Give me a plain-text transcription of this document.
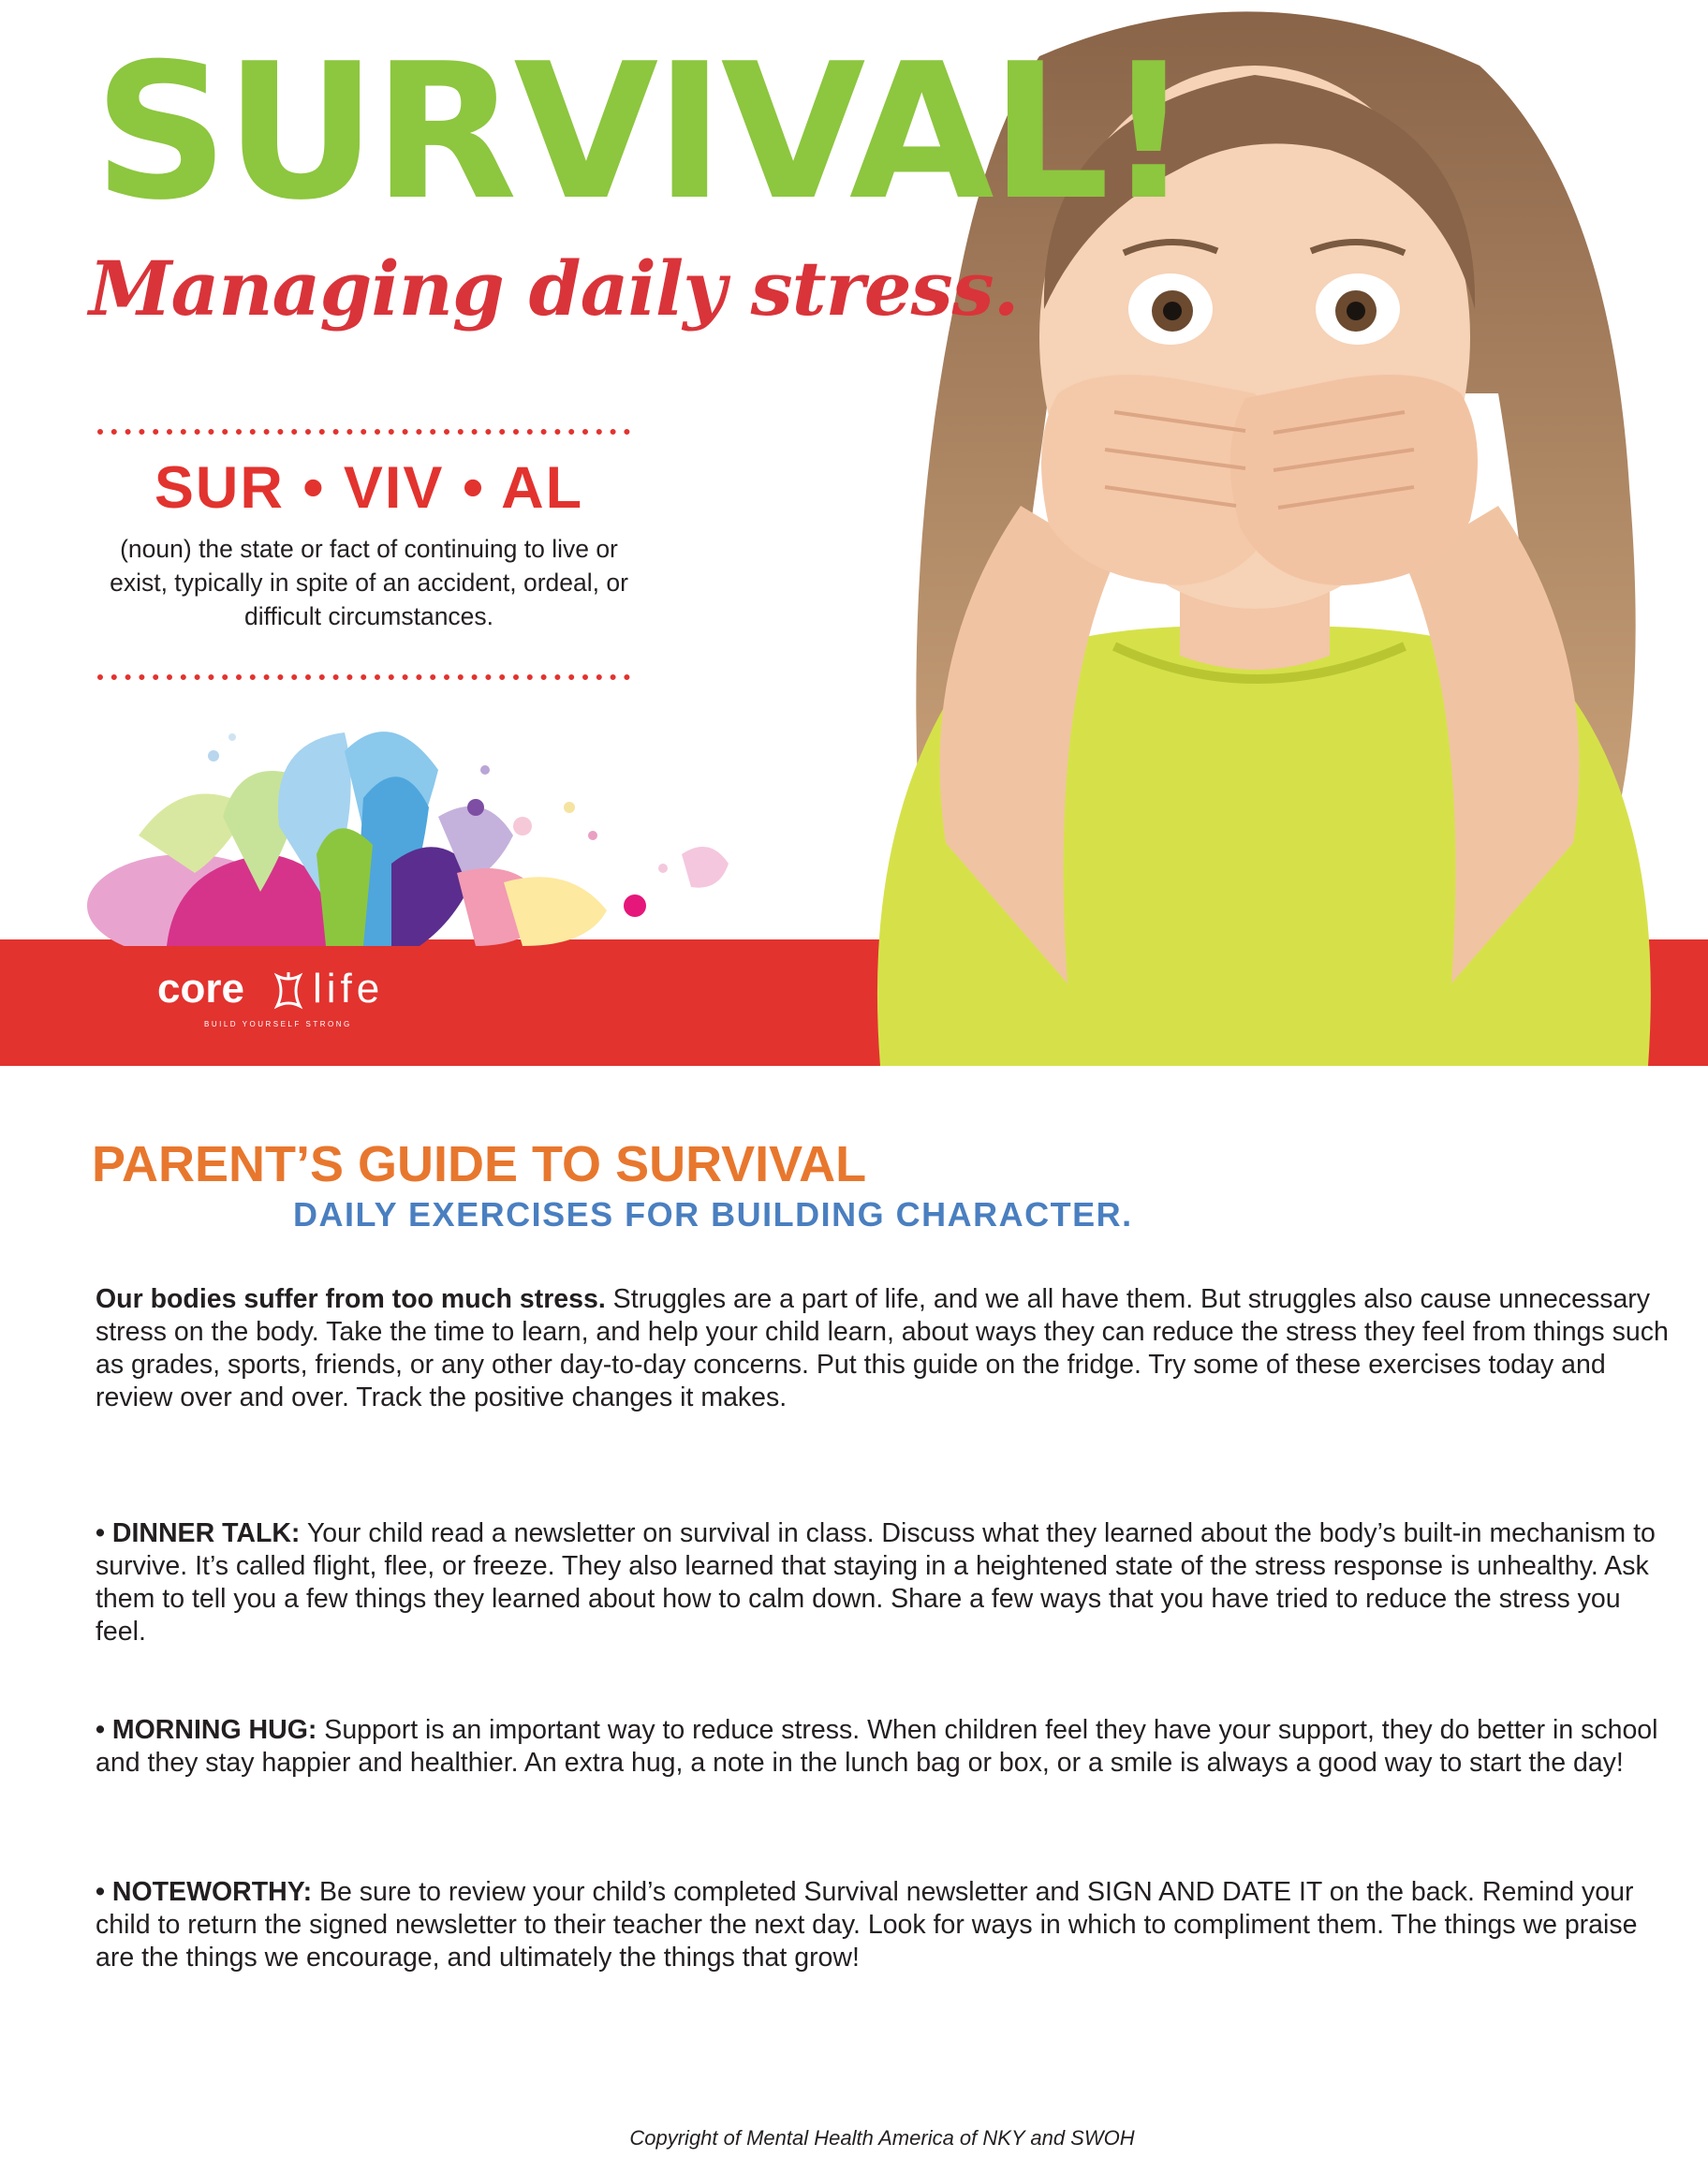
SURVIVAL!
Managing daily stress.

SUR • VIV • AL

(noun) the state or fact of continuing to live or exist, typically in spite of an accident, ordeal, or difficult circumstances.

core life
BUILD YOURSELF STRONG
PARENT’S GUIDE TO SURVIVAL
DAILY EXERCISES FOR BUILDING CHARACTER.

Our bodies suffer from too much stress. Struggles are a part of life, and we all have them. But struggles also cause unnecessary stress on the body. Take the time to learn, and help your child learn, about ways they can reduce the stress they feel from things such as grades, sports, friends, or any other day-to-day concerns. Put this guide on the fridge. Try some of these exercises today and review over and over. Track the positive changes it makes.

• DINNER TALK: Your child read a newsletter on survival in class. Discuss what they learned about the body’s built-in mechanism to survive. It’s called flight, flee, or freeze. They also learned that staying in a heightened state of the stress response is unhealthy. Ask them to tell you a few things they learned about how to calm down. Share a few ways that you have tried to reduce the stress you feel.

• MORNING HUG: Support is an important way to reduce stress. When children feel they have your support, they do better in school and they stay happier and healthier. An extra hug, a note in the lunch bag or box, or a smile is always a good way to start the day!

• NOTEWORTHY: Be sure to review your child’s completed Survival newsletter and SIGN AND DATE IT on the back. Remind your child to return the signed newsletter to their teacher the next day. Look for ways in which to compliment them. The things we praise are the things we encourage, and ultimately the things that grow!

Copyright of Mental Health America of NKY and SWOH
